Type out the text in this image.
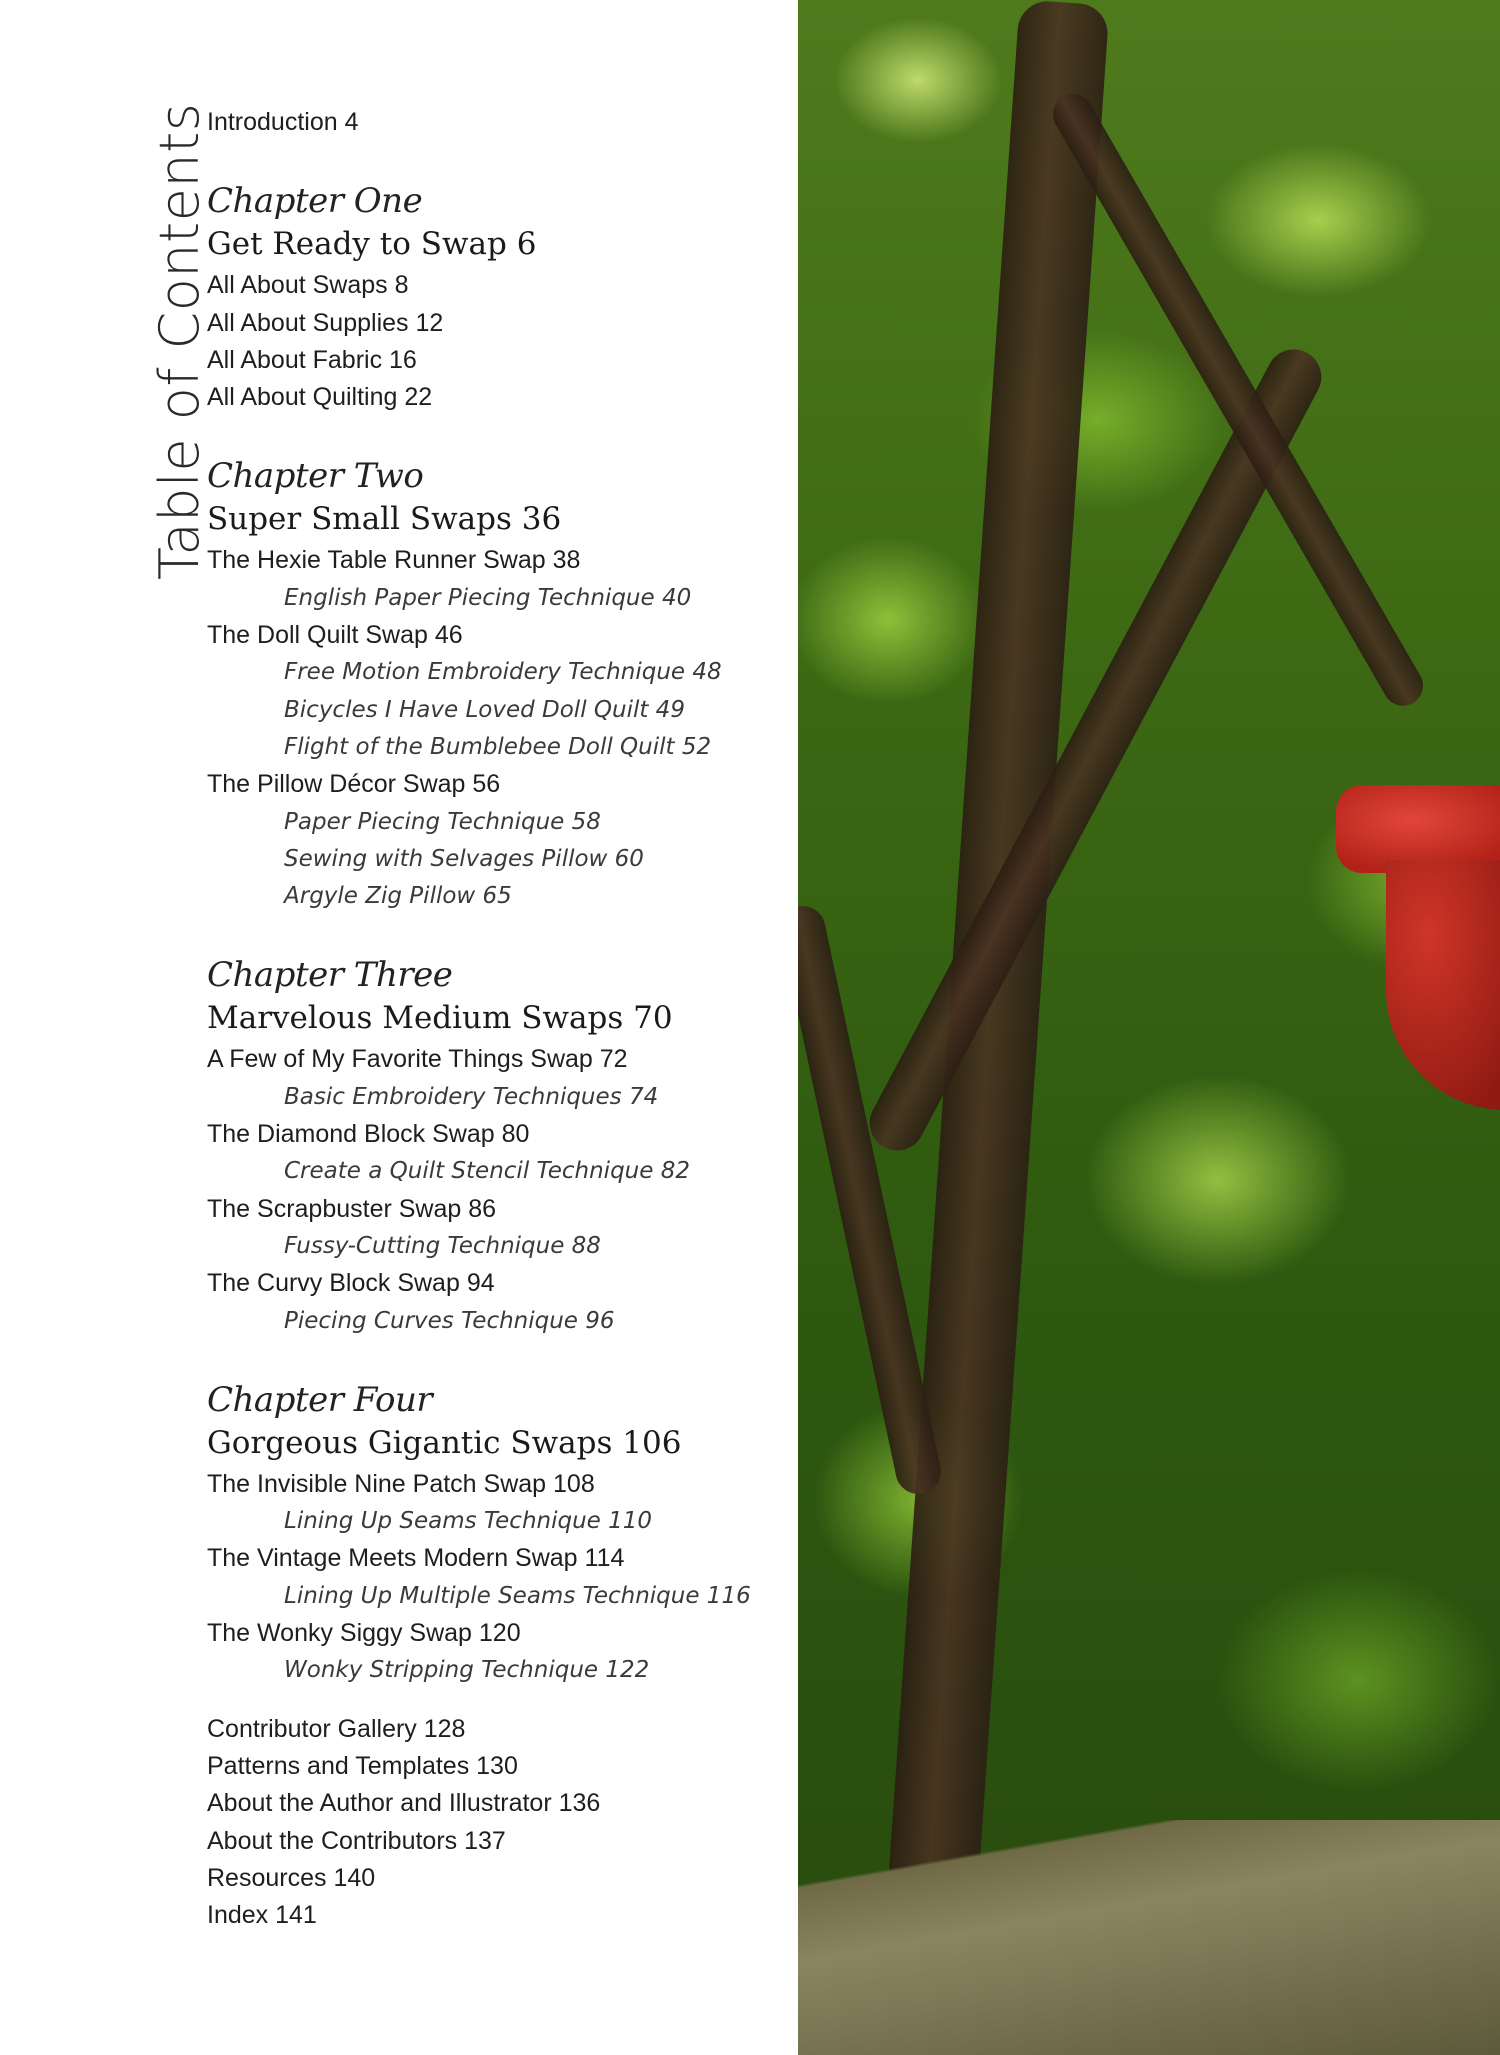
Table of Contents
Introduction 4
Chapter One
Get Ready to Swap 6
All About Swaps 8
All About Supplies 12
All About Fabric 16
All About Quilting 22
Chapter Two
Super Small Swaps 36
The Hexie Table Runner Swap 38
English Paper Piecing Technique 40
The Doll Quilt Swap 46
Free Motion Embroidery Technique 48
Bicycles I Have Loved Doll Quilt 49
Flight of the Bumblebee Doll Quilt 52
The Pillow Décor Swap 56
Paper Piecing Technique 58
Sewing with Selvages Pillow 60
Argyle Zig Pillow 65
Chapter Three
Marvelous Medium Swaps 70
A Few of My Favorite Things Swap 72
Basic Embroidery Techniques 74
The Diamond Block Swap 80
Create a Quilt Stencil Technique 82
The Scrapbuster Swap 86
Fussy-Cutting Technique 88
The Curvy Block Swap 94
Piecing Curves Technique 96
Chapter Four
Gorgeous Gigantic Swaps 106
The Invisible Nine Patch Swap 108
Lining Up Seams Technique 110
The Vintage Meets Modern Swap 114
Lining Up Multiple Seams Technique 116
The Wonky Siggy Swap 120
Wonky Stripping Technique 122
Contributor Gallery 128
Patterns and Templates 130
About the Author and Illustrator 136
About the Contributors 137
Resources 140
Index 141
